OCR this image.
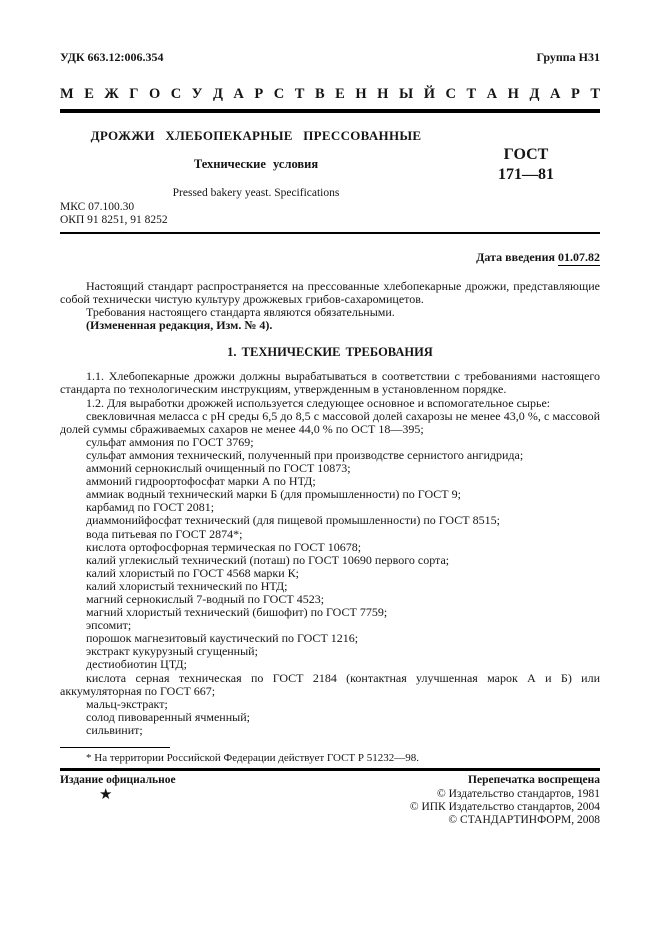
УДК 663.12:006.354	Группа Н31
М Е Ж Г О С У Д А Р С Т В Е Н Н Ы Й С Т А Н Д А Р Т
ДРОЖЖИ ХЛЕБОПЕКАРНЫЕ ПРЕССОВАННЫЕ
Технические условия
Pressed bakery yeast. Specifications
ГОСТ
171—81
МКС 07.100.30
ОКП 91 8251, 91 8252
Дата введения 01.07.82

Настоящий стандарт распространяется на прессованные хлебопекарные дрожжи, представляющие собой технически чистую культуру дрожжевых грибов-сахаромицетов.

Требования настоящего стандарта являются обязательными.

(Измененная редакция, Изм. № 4).

1. ТЕХНИЧЕСКИЕ ТРЕБОВАНИЯ

1.1. Хлебопекарные дрожжи должны вырабатываться в соответствии с требованиями настоящего стандарта по технологическим инструкциям, утвержденным в установленном порядке.

1.2. Для выработки дрожжей используется следующее основное и вспомогательное сырье:

свекловичная меласса с pH среды 6,5 до 8,5 с массовой долей сахарозы не менее 43,0 %, с массовой долей суммы сбраживаемых сахаров не менее 44,0 % по ОСТ 18—395;

сульфат аммония по ГОСТ 3769;

сульфат аммония технический, полученный при производстве сернистого ангидрида;

аммоний сернокислый очищенный по ГОСТ 10873;

аммоний гидроортофосфат марки А по НТД;

аммиак водный технический марки Б (для промышленности) по ГОСТ 9;

карбамид по ГОСТ 2081;

диаммонийфосфат технический (для пищевой промышленности) по ГОСТ 8515;

вода питьевая по ГОСТ 2874*;

кислота ортофосфорная термическая по ГОСТ 10678;

калий углекислый технический (поташ) по ГОСТ 10690 первого сорта;

калий хлористый по ГОСТ 4568 марки К;

калий хлористый технический по НТД;

магний сернокислый 7-водный по ГОСТ 4523;

магний хлористый технический (бишофит) по ГОСТ 7759;

эпсомит;

порошок магнезитовый каустический по ГОСТ 1216;

экстракт кукурузный сгущенный;

дестиобиотин ЦТД;

кислота серная техническая по ГОСТ 2184 (контактная улучшенная марок А и Б) или аккумуляторная по ГОСТ 667;

мальц-экстракт;

солод пивоваренный ячменный;

сильвинит;

* На территории Российской Федерации действует ГОСТ Р 51232—98.
Издание официальное	Перепечатка воспрещена
★	© Издательство стандартов, 1981
© ИПК Издательство стандартов, 2004
© СТАНДАРТИНФОРМ, 2008
